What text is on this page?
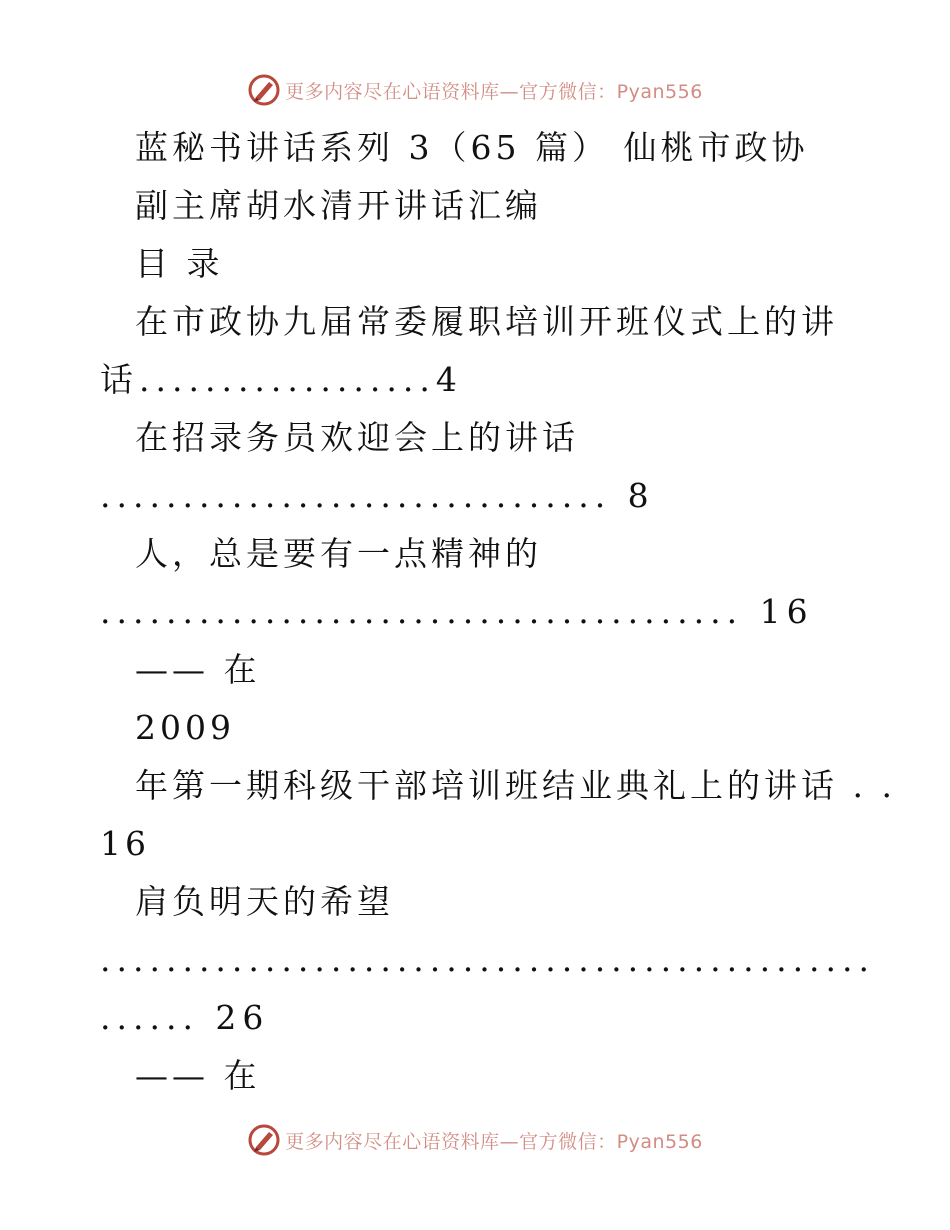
更多内容尽在心语资料库—官方微信：Pyan556
蓝秘书讲话系列 3（65 篇） 仙桃市政协
副主席胡水清开讲话汇编
目 录
在市政协九届常委履职培训开班仪式上的讲
话..................4
在招录务员欢迎会上的讲话
............................... 8
人，总是要有一点精神的
....................................... 16
—— 在
2009
年第一期科级干部培训班结业典礼上的讲话 . .
16
肩负明天的希望
...............................................
...... 26
—— 在
更多内容尽在心语资料库—官方微信：Pyan556
